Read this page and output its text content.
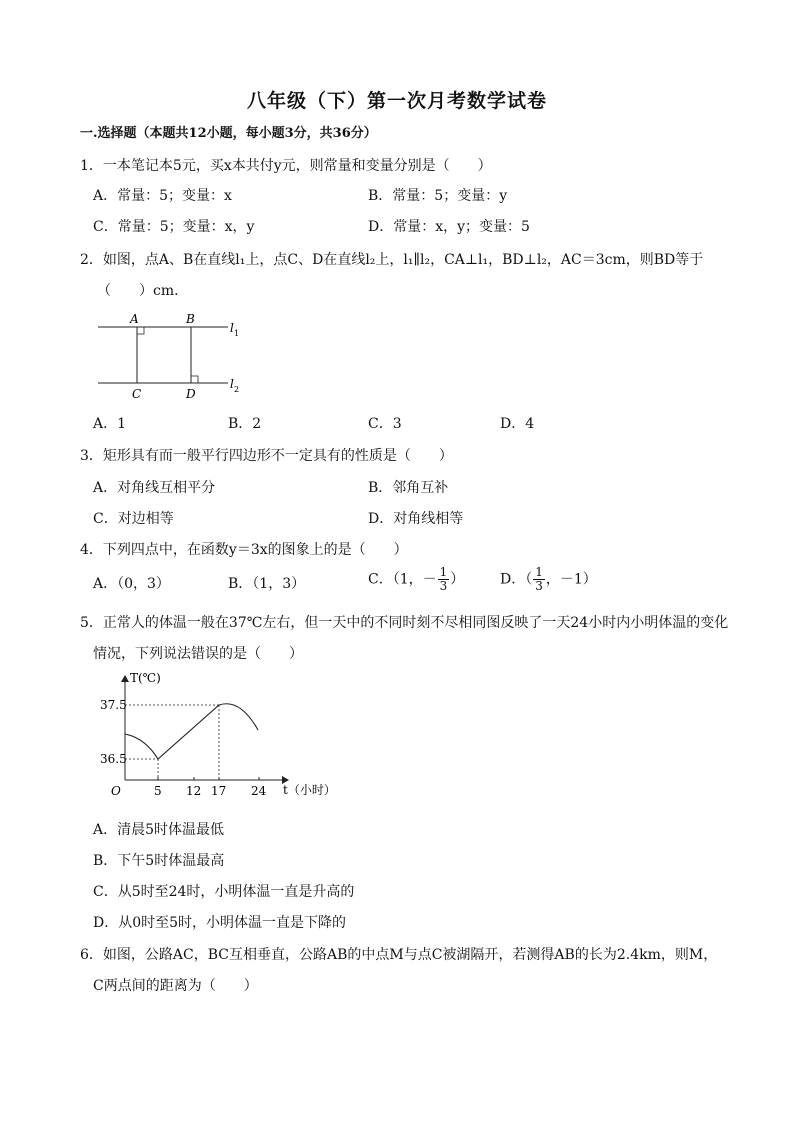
八年级（下）第一次月考数学试卷
一.选择题（本题共12小题，每小题3分，共36分）
1．一本笔记本5元，买x本共付y元，则常量和变量分别是（　　）
A．常量：5；变量：x	B．常量：5；变量：y
C．常量：5；变量：x，y	D．常量：x，y；变量：5
2．如图，点A、B在直线l₁上，点C、D在直线l₂上，l₁∥l₂，CA⊥l₁，BD⊥l₂，AC＝3cm，则BD等于
（　　）cm．
A	B
C	D
l 1
l 2
A．1	B．2	C．3	D．4
3．矩形具有而一般平行四边形不一定具有的性质是（　　）
A．对角线互相平分	B．邻角互补
C．对边相等	D．对角线相等
4．下列四点中，在函数y＝3x的图象上的是（　　）
A．（0，3）	B．（1，3）	C．（1，－ $\frac{1}{3}$ ）	D．（ $\frac{1}{3}$ ，－1）
5．正常人的体温一般在37℃左右，但一天中的不同时刻不尽相同图反映了一天24小时内小明体温的变化
情况，下列说法错误的是（　　）
T(℃)
37.5
36.5
O	5 12 17 24 t（小时）
A．清晨5时体温最低
B．下午5时体温最高
C．从5时至24时，小明体温一直是升高的
D．从0时至5时，小明体温一直是下降的
6．如图，公路AC，BC互相垂直，公路AB的中点M与点C被湖隔开，若测得AB的长为2.4km，则M，
C两点间的距离为（　　）
